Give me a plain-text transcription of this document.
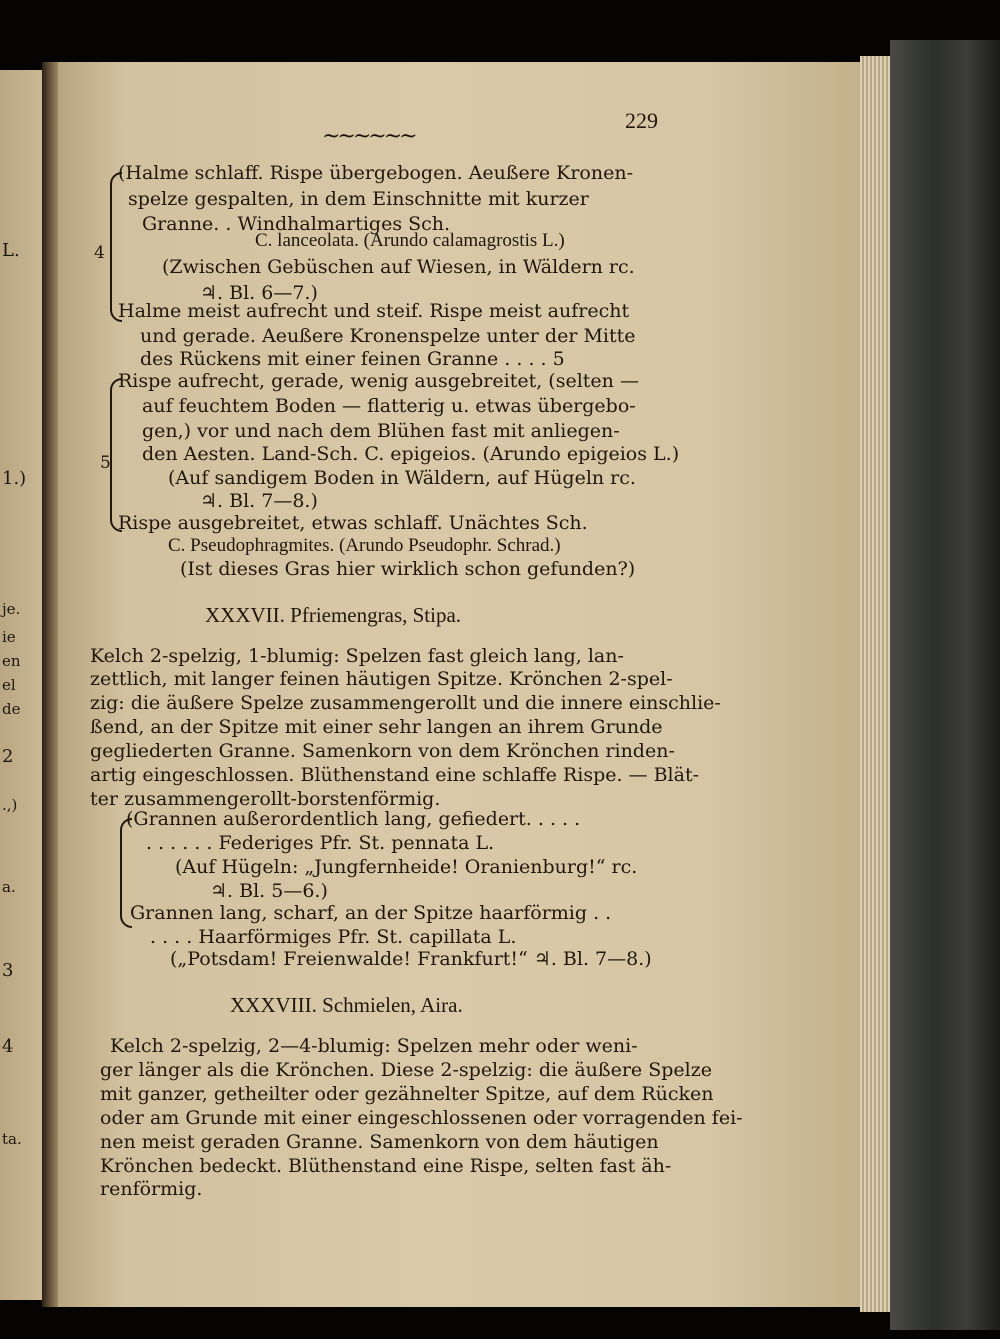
L.
1.)
je.
ie
en
el
de
2
.,)
a.
3
4
ta.
~~~~~~
229
4
5
(Halme schlaff. Rispe übergebogen. Aeußere Kronen-
spelze gespalten, in dem Einschnitte mit kurzer
Granne. . Windhalmartiges Sch.
C. lanceolata. (Arundo calamagrostis L.)
(Zwischen Gebüschen auf Wiesen, in Wäldern rc.
♃. Bl. 6—7.)
Halme meist aufrecht und steif. Rispe meist aufrecht
und gerade. Aeußere Kronenspelze unter der Mitte
des Rückens mit einer feinen Granne . . . . 5
Rispe aufrecht, gerade, wenig ausgebreitet, (selten —
auf feuchtem Boden — flatterig u. etwas übergebo-
gen,) vor und nach dem Blühen fast mit anliegen-
den Aesten. Land-Sch. C. epigeios. (Arundo epigeios L.)
(Auf sandigem Boden in Wäldern, auf Hügeln rc.
♃. Bl. 7—8.)
Rispe ausgebreitet, etwas schlaff. Unächtes Sch.
C. Pseudophragmites. (Arundo Pseudophr. Schrad.)
(Ist dieses Gras hier wirklich schon gefunden?)
XXXVII. Pfriemengras, Stipa.
Kelch 2-spelzig, 1-blumig: Spelzen fast gleich lang, lan-
zettlich, mit langer feinen häutigen Spitze. Krönchen 2-spel-
zig: die äußere Spelze zusammengerollt und die innere einschlie-
ßend, an der Spitze mit einer sehr langen an ihrem Grunde
gegliederten Granne. Samenkorn von dem Krönchen rinden-
artig eingeschlossen. Blüthenstand eine schlaffe Rispe. — Blät-
ter zusammengerollt-borstenförmig.
(Grannen außerordentlich lang, gefiedert. . . . .
. . . . . . Federiges Pfr. St. pennata L.
(Auf Hügeln: „Jungfernheide! Oranienburg!“ rc.
♃. Bl. 5—6.)
Grannen lang, scharf, an der Spitze haarförmig . .
. . . . Haarförmiges Pfr. St. capillata L.
(„Potsdam! Freienwalde! Frankfurt!“ ♃. Bl. 7—8.)
XXXVIII. Schmielen, Aira.
Kelch 2-spelzig, 2—4-blumig: Spelzen mehr oder weni-
ger länger als die Krönchen. Diese 2-spelzig: die äußere Spelze
mit ganzer, getheilter oder gezähnelter Spitze, auf dem Rücken
oder am Grunde mit einer eingeschlossenen oder vorragenden fei-
nen meist geraden Granne. Samenkorn von dem häutigen
Krönchen bedeckt. Blüthenstand eine Rispe, selten fast äh-
renförmig.
